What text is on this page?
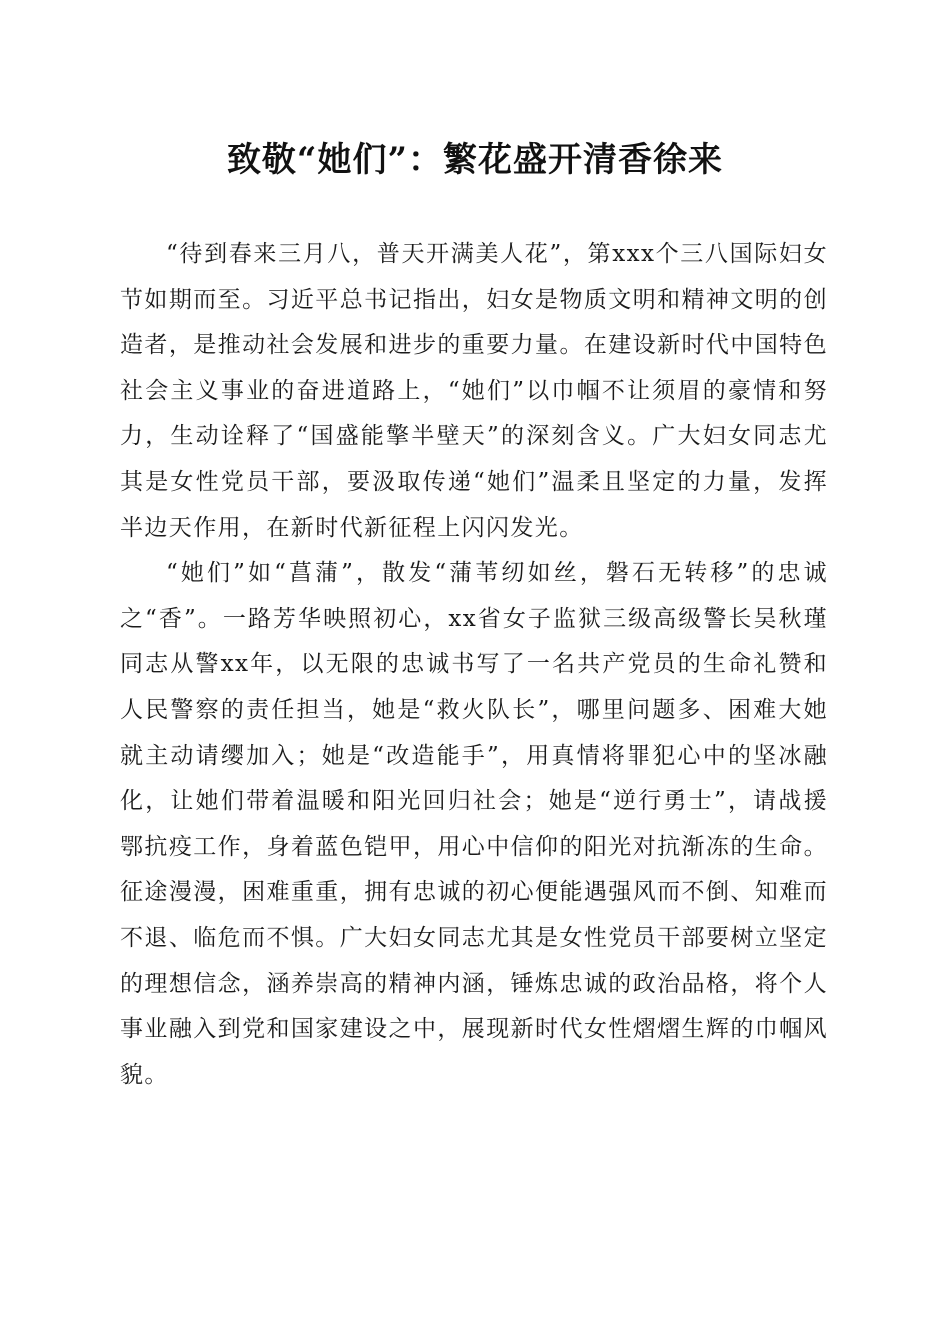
致敬“她们”：繁花盛开清香徐来

“待到春来三月八，普天开满美人花”，第xxx个三八国际妇女节如期而至。习近平总书记指出，妇女是物质文明和精神文明的创造者，是推动社会发展和进步的重要力量。在建设新时代中国特色社会主义事业的奋进道路上，“她们”以巾帼不让须眉的豪情和努力，生动诠释了“国盛能擎半壁天”的深刻含义。广大妇女同志尤其是女性党员干部，要汲取传递“她们”温柔且坚定的力量，发挥半边天作用，在新时代新征程上闪闪发光。

“她们”如“菖蒲”，散发“蒲苇纫如丝，磐石无转移”的忠诚之“香”。一路芳华映照初心，xx省女子监狱三级高级警长吴秋瑾同志从警xx年，以无限的忠诚书写了一名共产党员的生命礼赞和人民警察的责任担当，她是“救火队长”，哪里问题多、困难大她就主动请缨加入；她是“改造能手”，用真情将罪犯心中的坚冰融化，让她们带着温暖和阳光回归社会；她是“逆行勇士”，请战援鄂抗疫工作，身着蓝色铠甲，用心中信仰的阳光对抗渐冻的生命。征途漫漫，困难重重，拥有忠诚的初心便能遇强风而不倒、知难而不退、临危而不惧。广大妇女同志尤其是女性党员干部要树立坚定的理想信念，涵养崇高的精神内涵，锤炼忠诚的政治品格，将个人事业融入到党和国家建设之中，展现新时代女性熠熠生辉的巾帼风貌。
